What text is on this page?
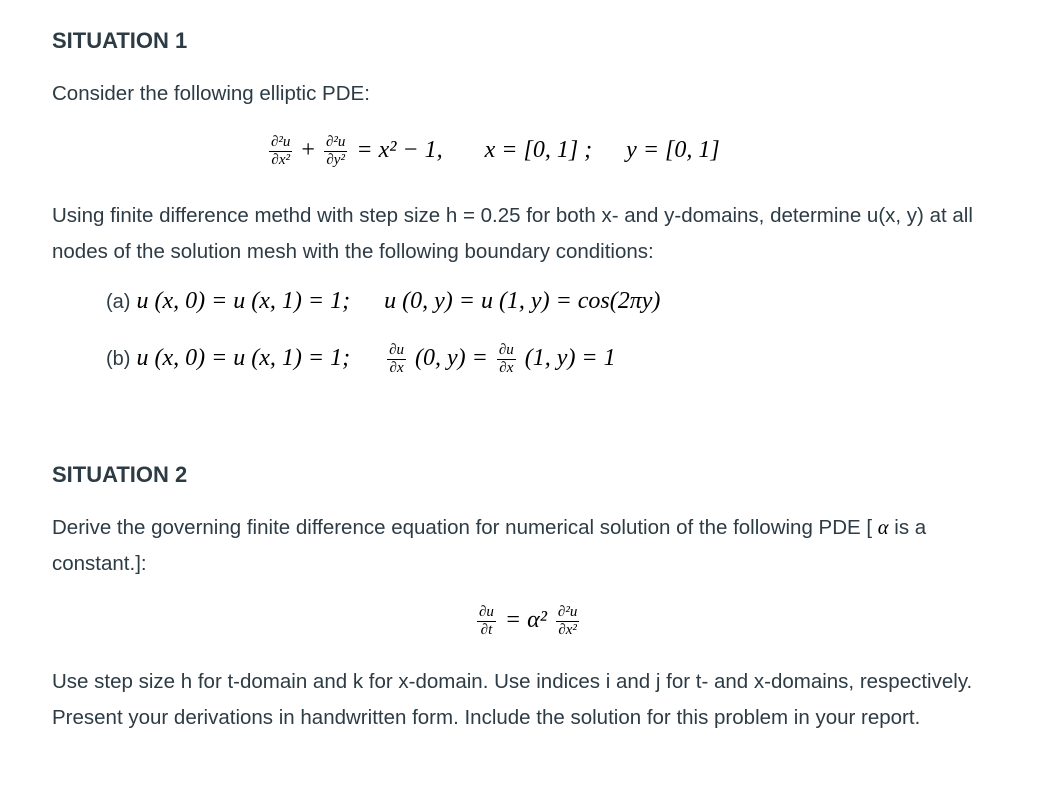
SITUATION 1
Consider the following elliptic PDE:
$\frac{\text{∂²u}}{\text{∂x²}} + \frac{\text{∂²u}}{\text{∂y²}} = x^2 - 1$, x = [0, 1] ; y = [0, 1]
Using finite difference methd with step size h = 0.25 for both x- and y-domains, determine u(x, y) at all nodes of the solution mesh with the following boundary conditions:
(a) u (x, 0) = u (x, 1) = 1; u (0, y) = u (1, y) = cos(2πy)
(b) u (x, 0) = u (x, 1) = 1; $\frac{\partial u}{\partial x} (0$, $y) = \frac{\partial u}{\partial x} (1$, y) = 1
SITUATION 2
Derive the governing finite difference equation for numerical solution of the following PDE [ α is a constant.]:
$\frac{\partial u}{\partial t} = \alpha^2 \frac{\text{∂²u}}{\text{∂x²}}$
Use step size h for t-domain and k for x-domain. Use indices i and j for t- and x-domains, respectively. Present your derivations in handwritten form. Include the solution for this problem in your report.
